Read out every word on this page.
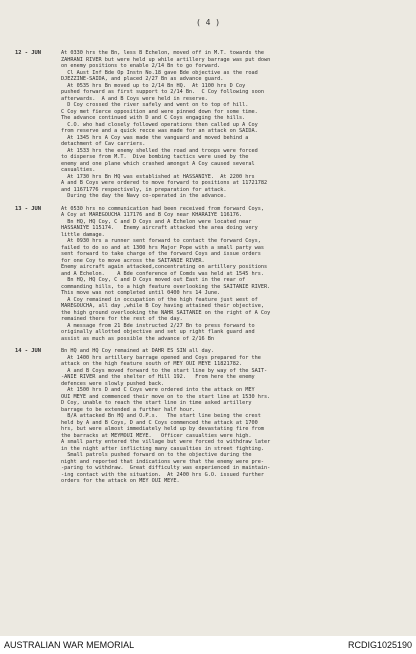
( 4 )
12 - JUN	At 0330 hrs the Bn, less B Echelon, moved off in M.T. towards the
ZAHRANI RIVER but were held up while artillery barrage was put down
on enemy positions to enable 2/14 Bn to go forward.
Cl Aust Inf Bde Op Instn No.18 gave Bde objective as the road
DJEZZINE-SAIDA, and placed 2/27 Bn as advance guard.
At 0535 hrs Bn moved up to 2/14 Bn HQ.  At 1100 hrs D Coy
pushed forward as first support to 2/14 Bn.  C Coy following soon
afterwards.  A and B Coys were held in reserve.
D Coy crossed the river safely and went on to top of hill.
C Coy met fierce opposition and were pinned down for some time.
The advance continued with D and C Coys engaging the hills.
C.O. who had closely followed operations then called up A Coy
from reserve and a quick recce was made for an attack on SAIDA.
At 1345 hrs A Coy was made the vanguard and moved behind a
detachment of Cav carriers.
At 1533 hrs the enemy shelled the road and troops were forced
to disperse from M.T.  Dive bombing tactics were used by the
enemy and one plane which crashed amongst A Coy caused several
casualties.
At 1730 hrs Bn HQ was established at HASSANIYE.  At 2200 hrs
A and B Coys were ordered to move forward to positions at 11721782
and 11671776 respectively, in preparation for attack.
During the day the Navy co-operated in the advance.
13 - JUN	At 0530 hrs no communication had been received from forward Coys,
A Coy at MAREGOUCHA 117176 and B Coy near KHARAIYE 116176.
Bn HQ, HQ Coy, C and D Coys and A Echelon were located near
HASSANIYE 115174.   Enemy aircraft attacked the area doing very
little damage.
At 0930 hrs a runner sent forward to contact the forward Coys,
failed to do so and at 1300 hrs Major Pope with a small party was
sent forward to take charge of the forward Coys and issue orders
for one Coy to move across the SAITANIE RIVER.
Enemy aircraft again attacked,concentrating on artillery positions
and A Echelon.    A Bde conference of Comds was held at 1545 hrs.
Bn HQ, HQ Coy, C and D Coys moved out East in the rear of
commanding hills, to a high feature overlooking the SAITANIE RIVER.
This move was not completed until 0400 hrs 14 June.
A Coy remained in occupation of the high feature just west of
MAREGOUCHA, all day ,while B Coy having attained their objective,
the high ground overlooking the NAHR SAITANIE on the right of A Coy
remained there for the rest of the day.
A message from 21 Bde instructed 2/27 Bn to press forward to
originally allotted objective and set up right flank guard and
assist as much as possible the advance of 2/16 Bn
14 - JUN	Bn HQ and HQ Coy remained at DAHR ES SIN all day.
At 1400 hrs artillery barrage opened and Coys prepared for the
attack on the high feature south of MEY OUI MEYE 11821782.
A and B Coys moved forward to the start line by way of the SAIT-
-ANIE RIVER and the shelter of Hill 192.   From here the enemy
defences were slowly pushed back.
At 1500 hrs D and C Coys were ordered into the attack on MEY
OUI MEYE and commenced their move on to the start line at 1530 hrs.
D Coy, unable to reach the start line in time asked artillery
barrage to be extended a further half hour.
B/A attacked Bn HQ and O.P.s.   The start line being the crest
held by A and B Coys, D and C Coys commenced the attack at 1700
hrs, but were almost immediately held up by devastating fire from
the barracks at MEYMOUI MEYE.   Officer casualties were high.
A small party entered the village but were forced to withdraw later
in the night after inflicting many casualties in street fighting.
Small patrols pushed forward on to the objective during the
night and reported that indications were that the enemy were pre-
-paring to withdraw.  Great difficulty was experienced in maintain-
-ing contact with the situation.  At 2400 hrs G.O. issued further
orders for the attack on MEY OUI MEYE.
AUSTRALIAN WAR MEMORIAL	RCDIG1025190
